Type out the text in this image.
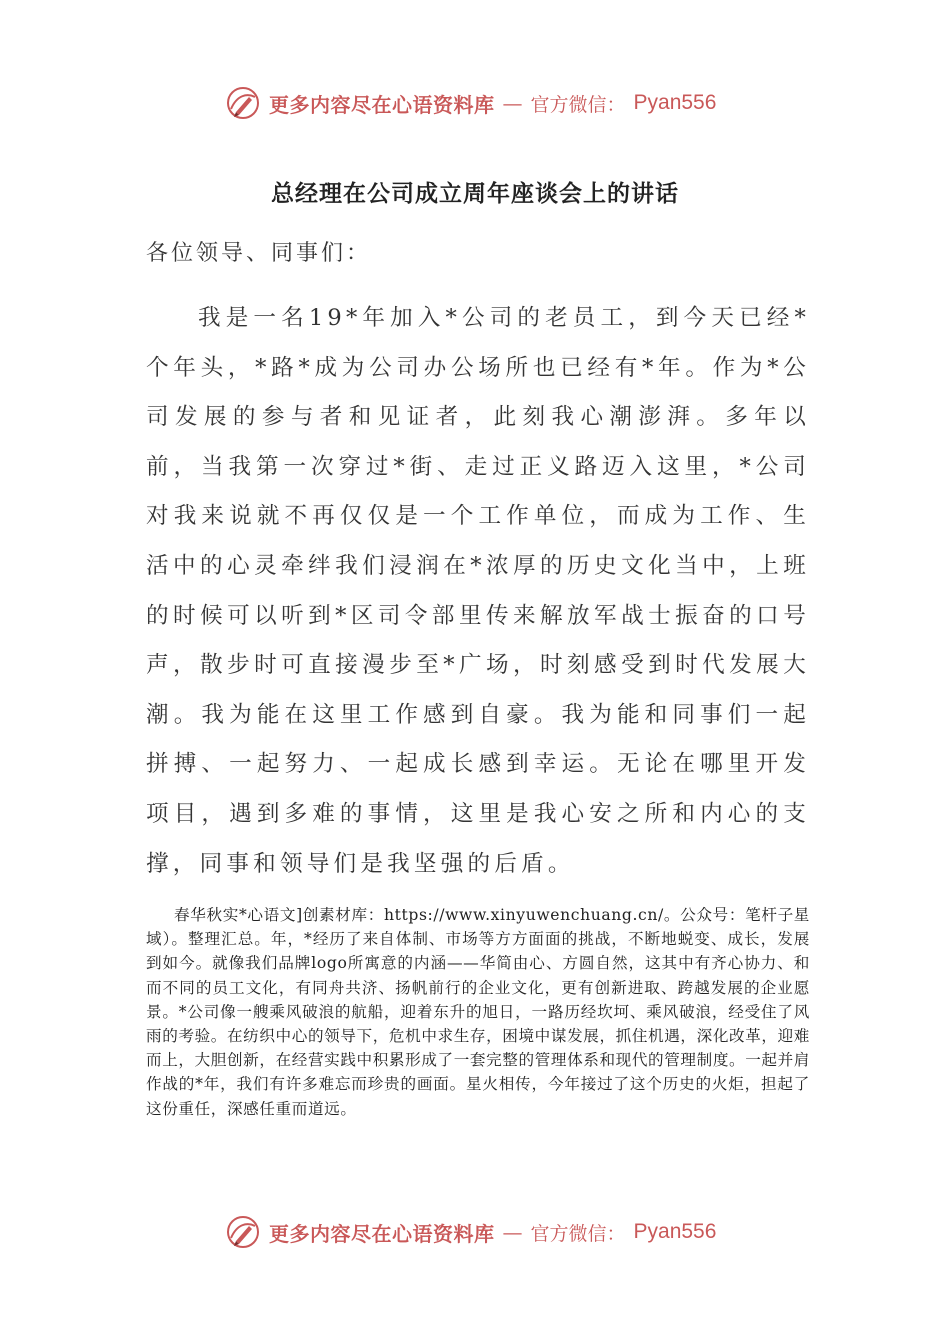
更多内容尽在心语资料库 — 官方微信： Pyan556
总经理在公司成立周年座谈会上的讲话
各位领导、同事们：

我是一名19*年加入*公司的老员工，到今天已经*个年头，*路*成为公司办公场所也已经有*年。作为*公司发展的参与者和见证者，此刻我心潮澎湃。多年以前，当我第一次穿过*街、走过正义路迈入这里，*公司对我来说就不再仅仅是一个工作单位，而成为工作、生活中的心灵牵绊我们浸润在*浓厚的历史文化当中，上班的时候可以听到*区司令部里传来解放军战士振奋的口号声，散步时可直接漫步至*广场，时刻感受到时代发展大潮。我为能在这里工作感到自豪。我为能和同事们一起拼搏、一起努力、一起成长感到幸运。无论在哪里开发项目，遇到多难的事情，这里是我心安之所和内心的支撑，同事和领导们是我坚强的后盾。

春华秋实*心语文]创素材库：https://www.xinyuwenchuang.cn/。公众号：笔杆子星域）。整理汇总。年，*经历了来自体制、市场等方方面面的挑战，不断地蜕变、成长，发展到如今。就像我们品牌logo所寓意的内涵——华简由心、方圆自然，这其中有齐心协力、和而不同的员工文化，有同舟共济、扬帆前行的企业文化，更有创新进取、跨越发展的企业愿景。*公司像一艘乘风破浪的航船，迎着东升的旭日，一路历经坎坷、乘风破浪，经受住了风雨的考验。在纺织中心的领导下，危机中求生存，困境中谋发展，抓住机遇，深化改革，迎难而上，大胆创新，在经营实践中积累形成了一套完整的管理体系和现代的管理制度。一起并肩作战的*年，我们有许多难忘而珍贵的画面。星火相传，今年接过了这个历史的火炬，担起了这份重任，深感任重而道远。

更多内容尽在心语资料库 — 官方微信： Pyan556
